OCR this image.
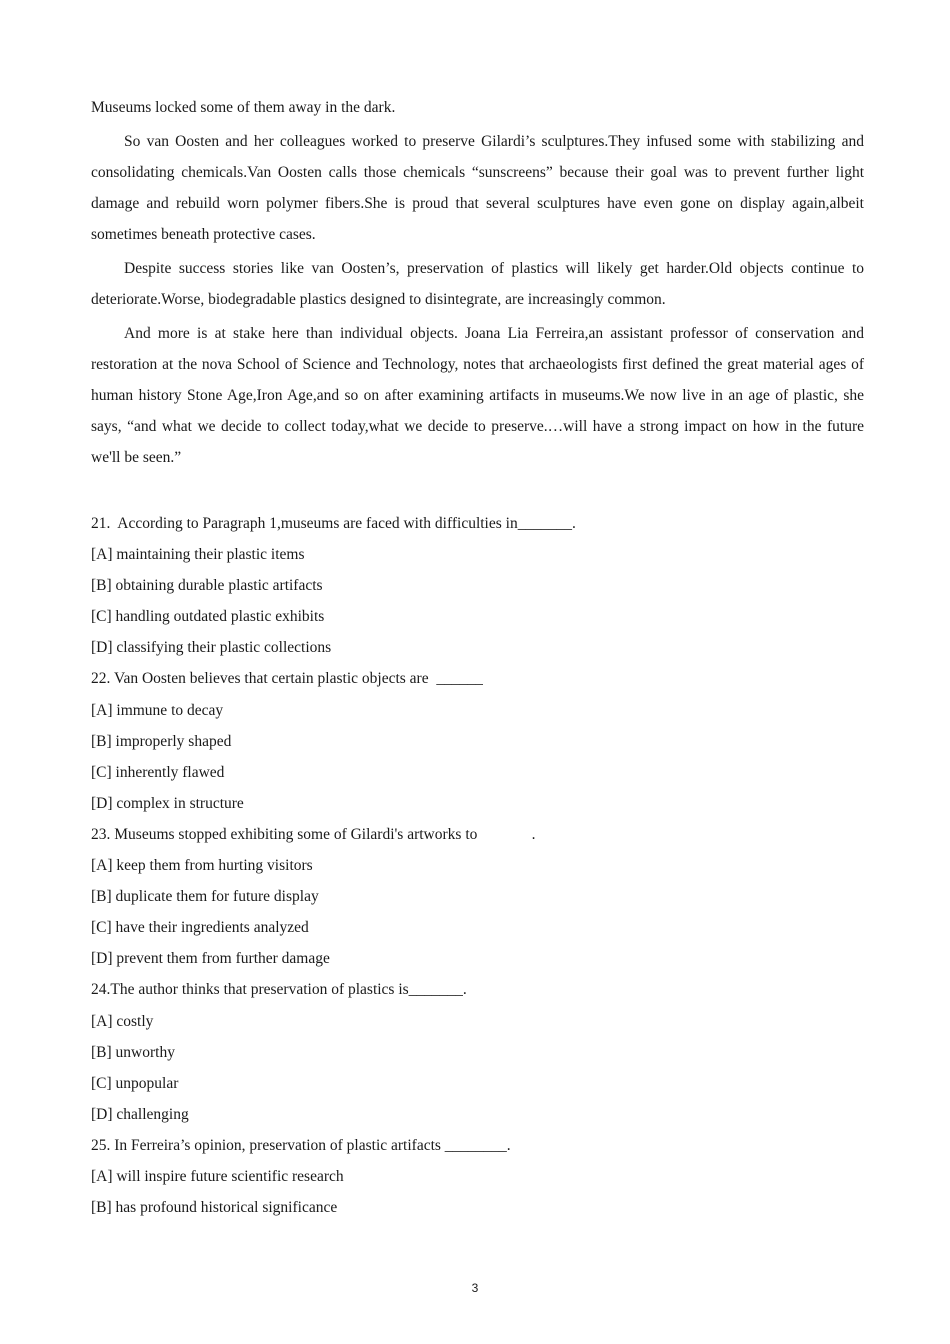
Museums locked some of them away in the dark.

So van Oosten and her colleagues worked to preserve Gilardi’s sculptures.They infused some with stabilizing and consolidating chemicals.Van Oosten calls those chemicals “sunscreens” because their goal was to prevent further light damage and rebuild worn polymer fibers.She is proud that several sculptures have even gone on display again,albeit sometimes beneath protective cases.

Despite success stories like van Oosten’s, preservation of plastics will likely get harder.Old objects continue to deteriorate.Worse, biodegradable plastics designed to disintegrate, are increasingly common.

And more is at stake here than individual objects. Joana Lia Ferreira,an assistant professor of conservation and restoration at the nova School of Science and Technology, notes that archaeologists first defined the great material ages of human history Stone Age,Iron Age,and so on after examining artifacts in museums.We now live in an age of plastic, she says, “and what we decide to collect today,what we decide to preserve.…will have a strong impact on how in the future we'll be seen.”

21.  According to Paragraph 1,museums are faced with difficulties in_______.
[A] maintaining their plastic items
[B] obtaining durable plastic artifacts
[C] handling outdated plastic exhibits
[D] classifying their plastic collections
22. Van Oosten believes that certain plastic objects are  ______
[A] immune to decay
[B] improperly shaped
[C] inherently flawed
[D] complex in structure
23. Museums stopped exhibiting some of Gilardi's artworks to              .
[A] keep them from hurting visitors
[B] duplicate them for future display
[C] have their ingredients analyzed
[D] prevent them from further damage
24.The author thinks that preservation of plastics is_______.
[A] costly
[B] unworthy
[C] unpopular
[D] challenging
25. In Ferreira’s opinion, preservation of plastic artifacts ________.
[A] will inspire future scientific research
[B] has profound historical significance
3
